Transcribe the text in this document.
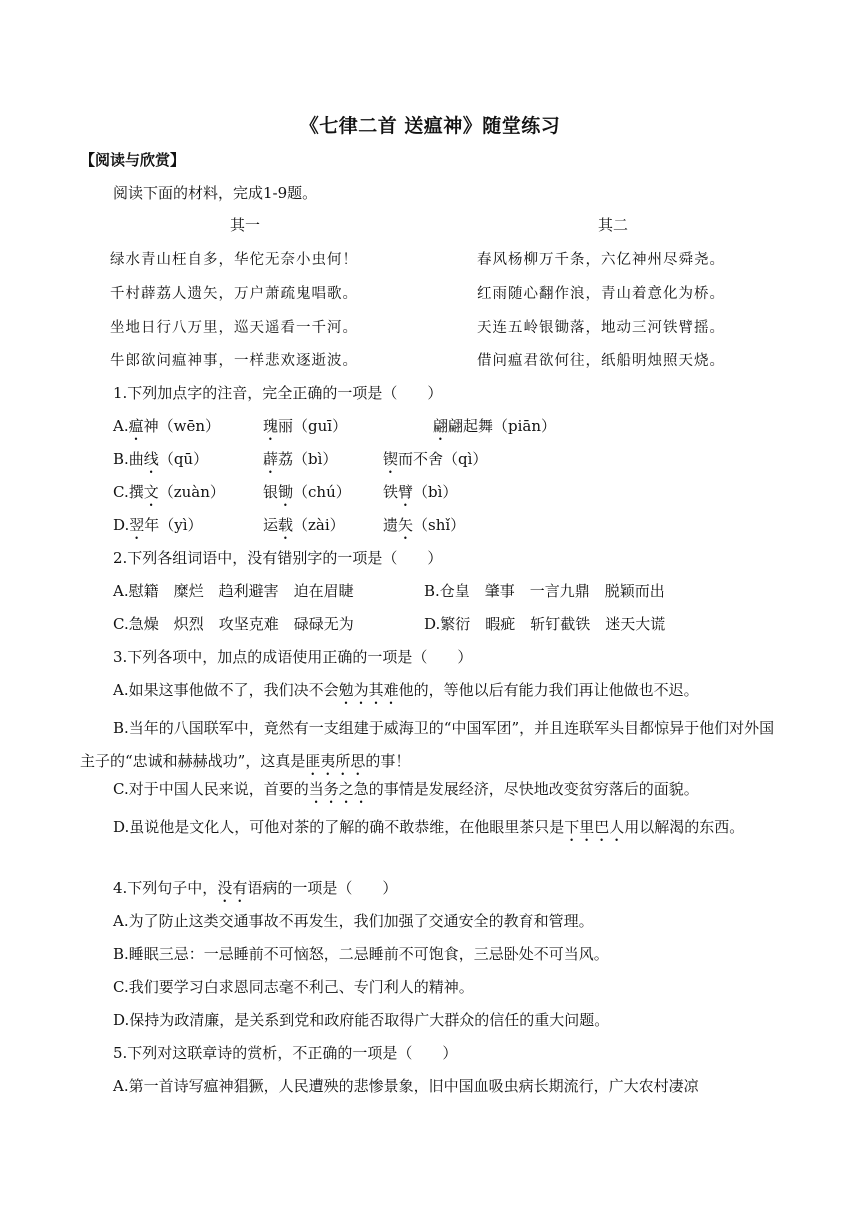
《七律二首 送瘟神》随堂练习
【阅读与欣赏】
阅读下面的材料，完成1-9题。
其一
绿水青山枉自多，华佗无奈小虫何！
千村薜荔人遗矢，万户萧疏鬼唱歌。
坐地日行八万里，巡天遥看一千河。
牛郎欲问瘟神事，一样悲欢逐逝波。
其二
春风杨柳万千条，六亿神州尽舜尧。
红雨随心翻作浪，青山着意化为桥。
天连五岭银锄落，地动三河铁臂摇。
借问瘟君欲何往，纸船明烛照天烧。
1.下列加点字的注音，完全正确的一项是（　　）
A.瘟神（wēn）	瑰丽（guī）	翩翩起舞（piān）
B.曲线（qū）	薜荔（bì）	锲而不舍（qì）
C.撰文（zuàn）	银锄（chú） 铁臂（bì）
D.翌年（yì）	运载（zài）	遗矢（shǐ）
2.下列各组词语中，没有错别字的一项是（　　）
A.慰籍　糜烂　趋利避害　迫在眉睫	B.仓皇　肇事　一言九鼎　脱颖而出
C.急燥　炽烈　攻坚克难　碌碌无为	D.繁衍　暇疵　斩钉截铁　迷天大谎
3.下列各项中，加点的成语使用正确的一项是（　　）
A.如果这事他做不了，我们决不会勉为其难他的，等他以后有能力我们再让他做也不迟。
B.当年的八国联军中，竟然有一支组建于威海卫的“中国军团”，并且连联军头目都惊异于他们对外国主子的“忠诚和赫赫战功”，这真是匪夷所思的事！
C.对于中国人民来说，首要的当务之急的事情是发展经济，尽快地改变贫穷落后的面貌。
D.虽说他是文化人，可他对茶的了解的确不敢恭维，在他眼里茶只是下里巴人用以解渴的东西。
4.下列句子中，没有语病的一项是（　　）
A.为了防止这类交通事故不再发生，我们加强了交通安全的教育和管理。
B.睡眠三忌：一忌睡前不可恼怒，二忌睡前不可饱食，三忌卧处不可当风。
C.我们要学习白求恩同志毫不利己、专门利人的精神。
D.保持为政清廉，是关系到党和政府能否取得广大群众的信任的重大问题。
5.下列对这联章诗的赏析，不正确的一项是（　　）
A.第一首诗写瘟神猖獗，人民遭殃的悲惨景象，旧中国血吸虫病长期流行，广大农村凄凉
